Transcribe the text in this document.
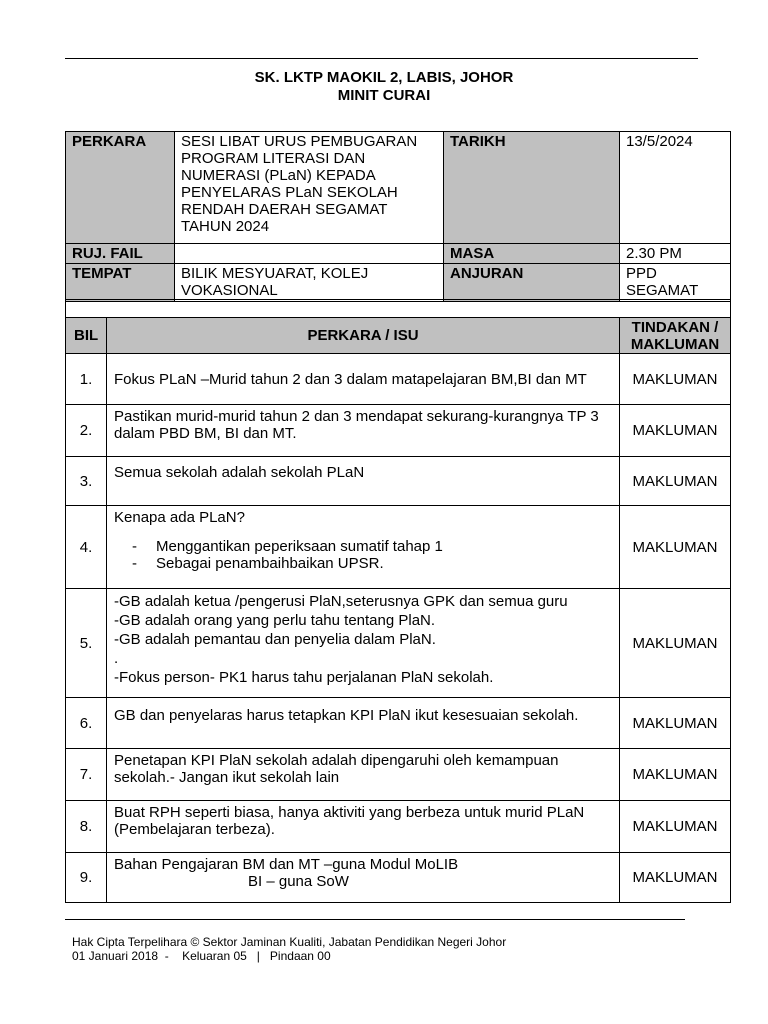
SK. LKTP MAOKIL 2, LABIS, JOHOR
MINIT CURAI
PERKARA	SESI LIBAT URUS PEMBUGARAN PROGRAM LITERASI DAN NUMERASI (PLaN) KEPADA PENYELARAS PLaN SEKOLAH RENDAH DAERAH SEGAMAT TAHUN 2024	TARIKH	13/5/2024
RUJ. FAIL		MASA	2.30 PM
TEMPAT	BILIK MESYUARAT, KOLEJ VOKASIONAL	ANJURAN	PPD SEGAMAT

BIL	PERKARA / ISU	TINDAKAN / MAKLUMAN
1.	Fokus PLaN –Murid tahun 2 dan 3 dalam matapelajaran BM,BI dan MT	MAKLUMAN
2.	Pastikan murid-murid tahun 2 dan 3 mendapat sekurang-kurangnya TP 3 dalam PBD BM, BI dan MT.	MAKLUMAN
3.	Semua sekolah adalah sekolah PLaN	MAKLUMAN
4.	Kenapa ada PLaN?
- Menggantikan peperiksaan sumatif tahap 1
- Sebagai penambaihbaikan UPSR.	MAKLUMAN
5.	-GB adalah ketua /pengerusi PlaN,seterusnya GPK dan semua guru
-GB adalah orang yang perlu tahu tentang PlaN.
-GB adalah pemantau dan penyelia dalam PlaN.
.
-Fokus person- PK1 harus tahu perjalanan PlaN sekolah.	MAKLUMAN
6.	GB dan penyelaras harus tetapkan KPI PlaN ikut kesesuaian sekolah.	MAKLUMAN
7.	Penetapan KPI PlaN sekolah adalah dipengaruhi oleh kemampuan sekolah.- Jangan ikut sekolah lain	MAKLUMAN
8.	Buat RPH seperti biasa, hanya aktiviti yang berbeza untuk murid PLaN (Pembelajaran terbeza).	MAKLUMAN
9.	Bahan Pengajaran BM dan MT –guna Modul MoLIB
BI – guna SoW	MAKLUMAN
Hak Cipta Terpelihara © Sektor Jaminan Kualiti, Jabatan Pendidikan Negeri Johor
01 Januari 2018  -    Keluaran 05   |   Pindaan 00
